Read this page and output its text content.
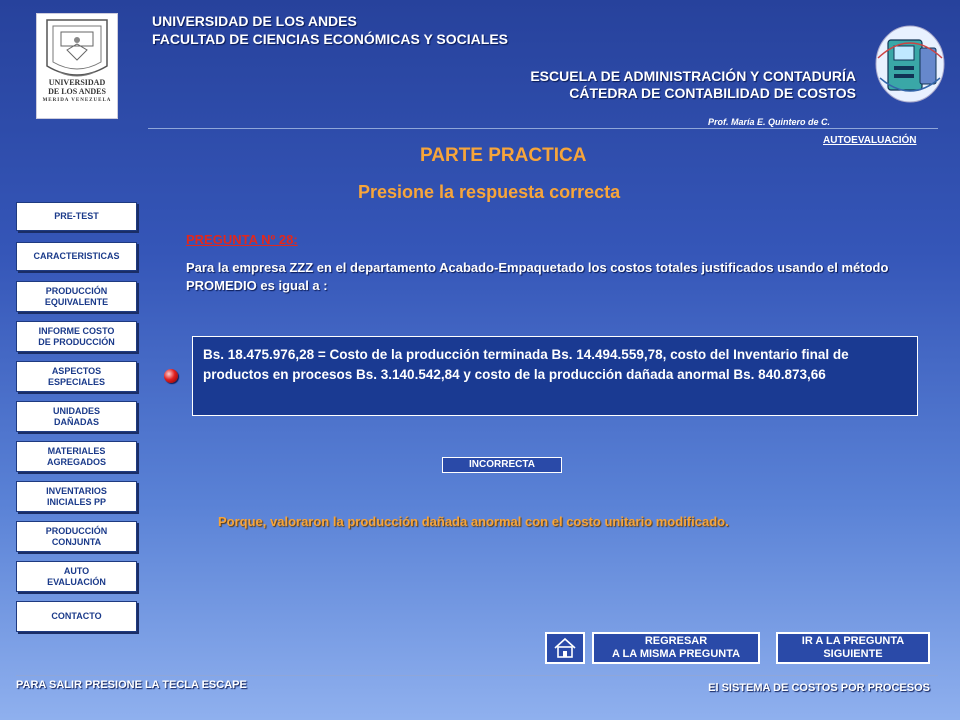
UNIVERSIDAD
DE LOS ANDES
MERIDA VENEZUELA
UNIVERSIDAD DE LOS ANDES
FACULTAD DE CIENCIAS ECONÓMICAS Y SOCIALES
ESCUELA DE ADMINISTRACIÓN Y CONTADURÍA
CÁTEDRA DE CONTABILIDAD DE COSTOS
Prof. María E. Quintero de C.
AUTOEVALUACIÓN
PARTE PRACTICA
Presione la respuesta correcta
PRE-TEST
CARACTERISTICAS
PRODUCCIÓN
EQUIVALENTE
INFORME COSTO
DE PRODUCCIÓN
ASPECTOS
ESPECIALES
UNIDADES
DAÑADAS
MATERIALES
AGREGADOS
INVENTARIOS
INICIALES PP
PRODUCCIÓN
CONJUNTA
AUTO
EVALUACIÓN
CONTACTO
PREGUNTA Nº 28:
Para la empresa ZZZ en el departamento Acabado-Empaquetado los costos totales justificados usando el método PROMEDIO es igual a :
Bs. 18.475.976,28 = Costo de la producción terminada Bs. 14.494.559,78, costo del Inventario final de productos en procesos Bs. 3.140.542,84 y costo de la producción dañada anormal Bs. 840.873,66
INCORRECTA
Porque, valoraron la producción dañada anormal con el costo unitario modificado.
REGRESAR
A LA MISMA PREGUNTA
IR A LA PREGUNTA
SIGUIENTE
PARA SALIR PRESIONE LA TECLA ESCAPE	El SISTEMA DE COSTOS POR PROCESOS
